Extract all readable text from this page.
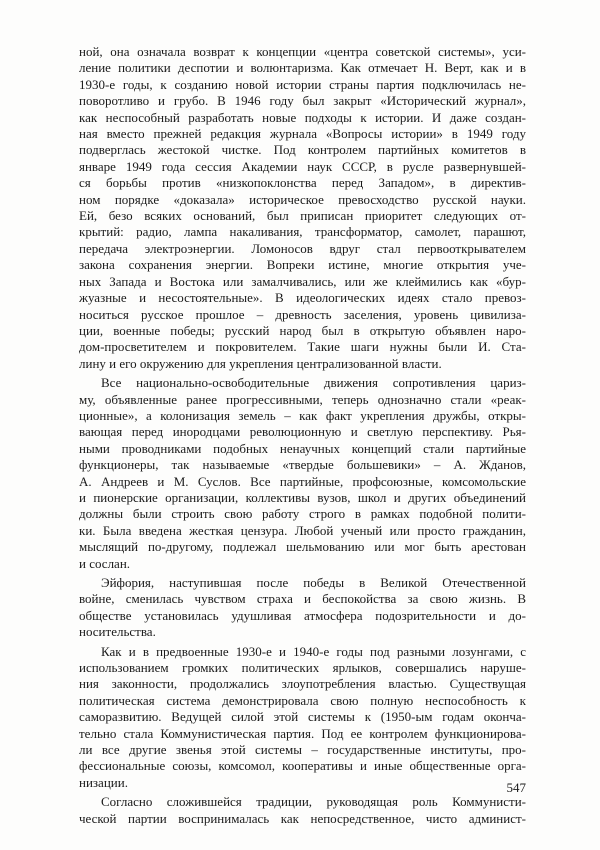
ной, она означала возврат к концепции «центра советской системы», уси-
ление политики деспотии и волюнтаризма. Как отмечает Н. Верт, как и в
1930-е годы, к созданию новой истории страны партия подключилась не-
поворотливо и грубо. В 1946 году был закрыт «Исторический журнал»,
как неспособный разработать новые подходы к истории. И даже создан-
ная вместо прежней редакция журнала «Вопросы истории» в 1949 году
подверглась жестокой чистке. Под контролем партийных комитетов в
январе 1949 года сессия Академии наук СССР, в русле развернувшей-
ся борьбы против «низкопоклонства перед Западом», в директив-
ном порядке «доказала» историческое превосходство русской науки.
Ей, безо всяких оснований, был приписан приоритет следующих от-
крытий: радио, лампа накаливания, трансформатор, самолет, парашют,
передача электроэнергии. Ломоносов вдруг стал первооткрывателем
закона сохранения энергии. Вопреки истине, многие открытия уче-
ных Запада и Востока или замалчивались, или же клеймились как «бур-
жуазные и несостоятельные». В идеологических идеях стало превоз-
носиться русское прошлое – древность заселения, уровень цивилиза-
ции, военные победы; русский народ был в открытую объявлен наро-
дом-просветителем и покровителем. Такие шаги нужны были И. Ста-
лину и его окружению для укрепления централизованной власти.
Все национально-освободительные движения сопротивления цариз-
му, объявленные ранее прогрессивными, теперь однозначно стали «реак-
ционные», а колонизация земель – как факт укрепления дружбы, откры-
вающая перед инородцами революционную и светлую перспективу. Рья-
ными проводниками подобных ненаучных концепций стали партийные
функционеры, так называемые «твердые большевики» – А. Жданов,
А. Андреев и М. Суслов. Все партийные, профсоюзные, комсомольские
и пионерские организации, коллективы вузов, школ и других объединений
должны были строить свою работу строго в рамках подобной полити-
ки. Была введена жесткая цензура. Любой ученый или просто гражданин,
мыслящий по-другому, подлежал шельмованию или мог быть арестован
и сослан.
Эйфория, наступившая после победы в Великой Отечественной
войне, сменилась чувством страха и беспокойства за свою жизнь. В
обществе установилась удушливая атмосфера подозрительности и до-
носительства.
Как и в предвоенные 1930-е и 1940-е годы под разными лозунгами, с
использованием громких политических ярлыков, совершались наруше-
ния законности, продолжались злоупотребления властью. Существущая
политическая система демонстрировала свою полную неспособность к
саморазвитию. Ведущей силой этой системы к (1950-ым годам оконча-
тельно стала Коммунистическая партия. Под ее контролем функционирова-
ли все другие звенья этой системы – государственные институты, про-
фессиональные союзы, комсомол, кооперативы и иные общественные орга-
низации.
Согласно сложившейся традиции, руководящая роль Коммунисти-
ческой партии воспринималась как непосредственное, чисто админист-
547
